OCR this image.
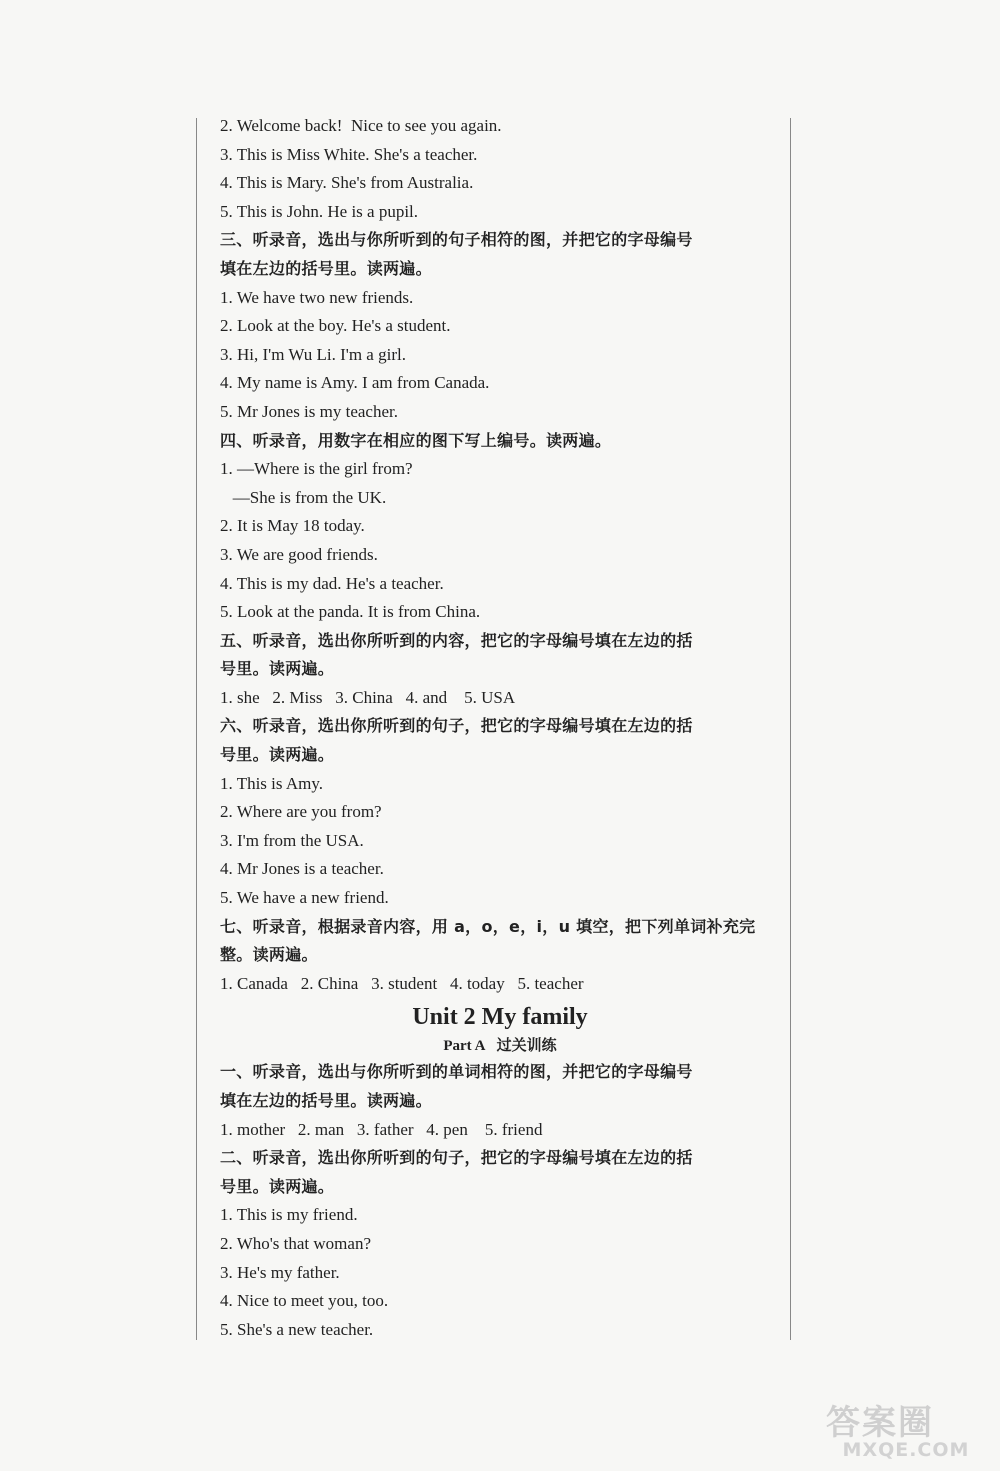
2. Welcome back!  Nice to see you again.
3. This is Miss White. She's a teacher.
4. This is Mary. She's from Australia.
5. This is John. He is a pupil.
三、听录音，选出与你所听到的句子相符的图，并把它的字母编号
填在左边的括号里。读两遍。
1. We have two new friends.
2. Look at the boy. He's a student.
3. Hi, I'm Wu Li. I'm a girl.
4. My name is Amy. I am from Canada.
5. Mr Jones is my teacher.
四、听录音，用数字在相应的图下写上编号。读两遍。
1. —Where is the girl from?
—She is from the UK.
2. It is May 18 today.
3. We are good friends.
4. This is my dad. He's a teacher.
5. Look at the panda. It is from China.
五、听录音，选出你所听到的内容，把它的字母编号填在左边的括
号里。读两遍。
1. she   2. Miss   3. China   4. and    5. USA
六、听录音，选出你所听到的句子，把它的字母编号填在左边的括
号里。读两遍。
1. This is Amy.
2. Where are you from?
3. I'm from the USA.
4. Mr Jones is a teacher.
5. We have a new friend.
七、听录音，根据录音内容，用 a，o，e，i，u 填空，把下列单词补充完
整。读两遍。
1. Canada   2. China   3. student   4. today   5. teacher
Unit 2 My family
Part A 过关训练
一、听录音，选出与你所听到的单词相符的图，并把它的字母编号
填在左边的括号里。读两遍。
1. mother   2. man   3. father   4. pen    5. friend
二、听录音，选出你所听到的句子，把它的字母编号填在左边的括
号里。读两遍。
1. This is my friend.
2. Who's that woman?
3. He's my father.
4. Nice to meet you, too.
5. She's a new teacher.
答案圈
MXQE.COM
